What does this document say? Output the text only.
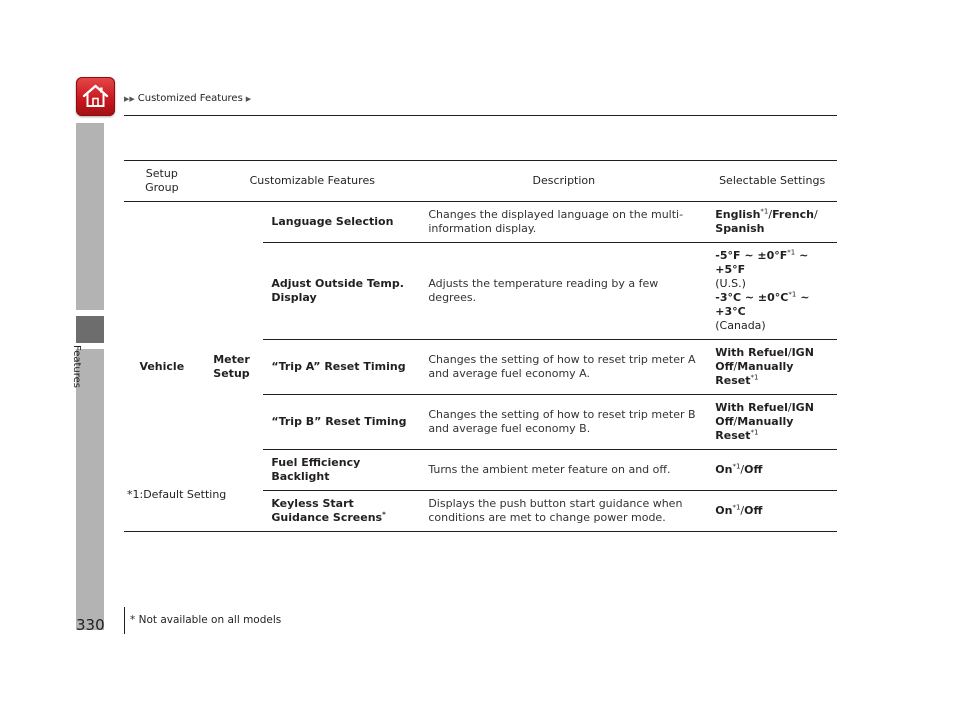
▶▶ Customized Features ▶
Features
Setup Group	Customizable Features		Description	Selectable Settings
Vehicle	Meter Setup	Language Selection	Changes the displayed language on the multi-information display.	English$^{*1}$/French/
Spanish
		Adjust Outside Temp. Display	Adjusts the temperature reading by a few degrees.	-5°F ~ $\pm 0^\circ F^{*1}$ ~ +5°F
(U.S.)
-3°C ~ $\pm 0^\circ C^{*1}$ ~ +3°C
(Canada)
		“Trip A” Reset Timing	Changes the setting of how to reset trip meter A and average fuel economy A.	With Refuel/IGN Off/Manually Reset$^{*1}$
		“Trip B” Reset Timing	Changes the setting of how to reset trip meter B and average fuel economy B.	With Refuel/IGN Off/Manually Reset$^{*1}$
		Fuel Efficiency Backlight	Turns the ambient meter feature on and off.	On$^{*1}$/Off
		Keyless Start Guidance Screens*	Displays the push button start guidance when conditions are met to change power mode.	On$^{*1}$/Off
*1:Default Setting
330 * Not available on all models
